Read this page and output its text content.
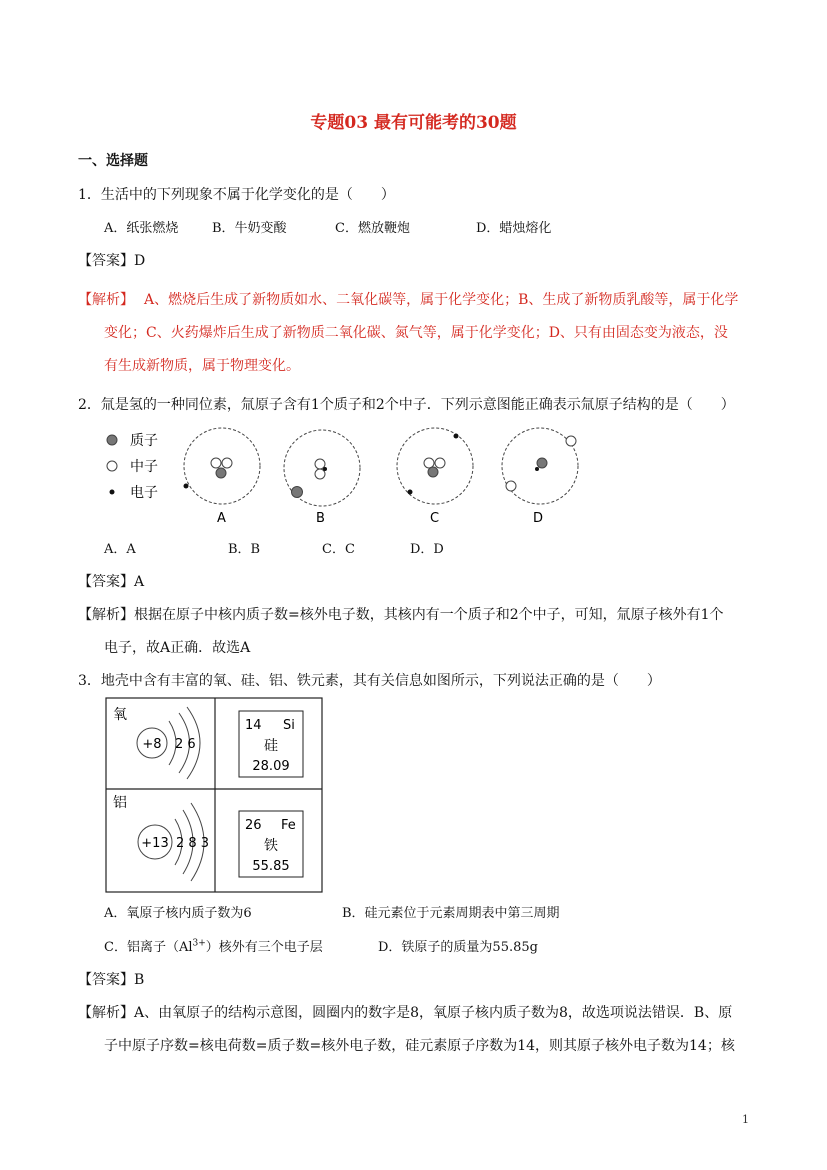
专题03 最有可能考的30题
一、选择题
1．生活中的下列现象不属于化学变化的是（　　）
A．纸张燃烧	B．牛奶变酸	C．燃放鞭炮	D．蜡烛熔化
【答案】D
【解析】 A、燃烧后生成了新物质如水、二氧化碳等，属于化学变化；B、生成了新物质乳酸等，属于化学
变化；C、火药爆炸后生成了新物质二氧化碳、氮气等，属于化学变化；D、只有由固态变为液态，没
有生成新物质，属于物理变化。
2．氚是氢的一种同位素，氚原子含有1个质子和2个中子．下列示意图能正确表示氚原子结构的是（　　）
质子
中子
电子
A	B	C	D
A．A	B．B	C．C	D．D
【答案】A
【解析】根据在原子中核内质子数=核外电子数，其核内有一个质子和2个中子，可知，氚原子核外有1个
电子，故A正确．故选A
3．地壳中含有丰富的氧、硅、铝、铁元素，其有关信息如图所示，下列说法正确的是（　　）
氧
+8 2 6
14 Si
硅
28.09
铝
+13 2 8 3
26 Fe
铁
55.85
A．氧原子核内质子数为6	B．硅元素位于元素周期表中第三周期
C．铝离子$(Al^{3+})$核外有三个电子层	D．铁原子的质量为55.85g
【答案】B
【解析】A、由氧原子的结构示意图，圆圈内的数字是8，氧原子核内质子数为8，故选项说法错误．B、原
子中原子序数=核电荷数=质子数=核外电子数，硅元素原子序数为14，则其原子核外电子数为14；核
1
